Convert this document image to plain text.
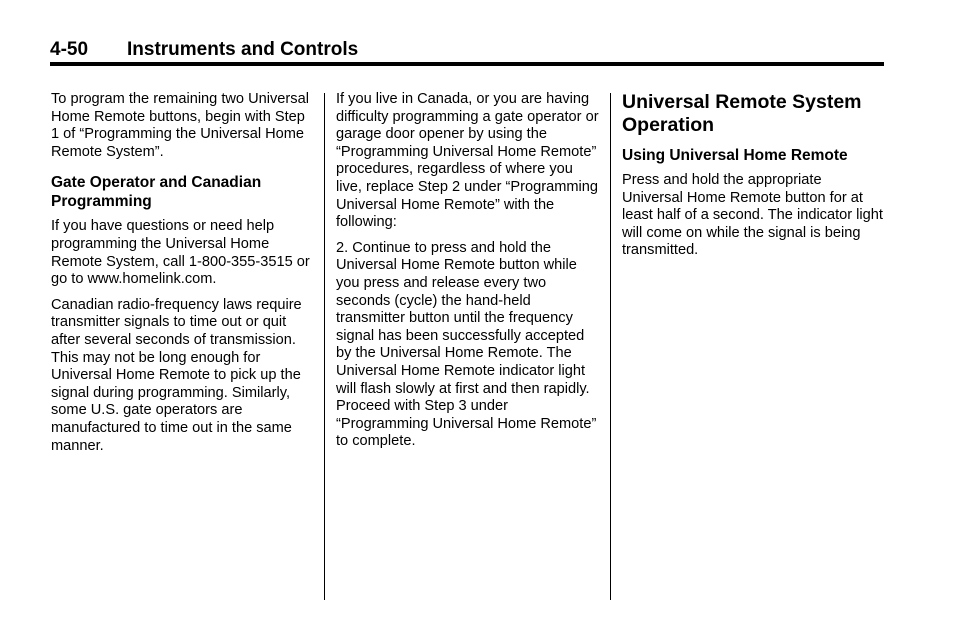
4-50 Instruments and Controls

To program the remaining two Universal Home Remote buttons, begin with Step 1 of “Programming the Universal Home Remote System”.

Gate Operator and Canadian Programming

If you have questions or need help programming the Universal Home Remote System, call 1-800-355-3515 or go to www.homelink.com.

Canadian radio-frequency laws require transmitter signals to time out or quit after several seconds of transmission. This may not be long enough for Universal Home Remote to pick up the signal during programming. Similarly, some U.S. gate operators are manufactured to time out in the same manner.

If you live in Canada, or you are having difficulty programming a gate operator or garage door opener by using the “Programming Universal Home Remote” procedures, regardless of where you live, replace Step 2 under “Programming Universal Home Remote” with the following:

2. Continue to press and hold the Universal Home Remote button while you press and release every two seconds (cycle) the hand-held transmitter button until the frequency signal has been successfully accepted by the Universal Home Remote. The Universal Home Remote indicator light will flash slowly at first and then rapidly. Proceed with Step 3 under “Programming Universal Home Remote” to complete.

Universal Remote System Operation
Using Universal Home Remote

Press and hold the appropriate Universal Home Remote button for at least half of a second. The indicator light will come on while the signal is being transmitted.
